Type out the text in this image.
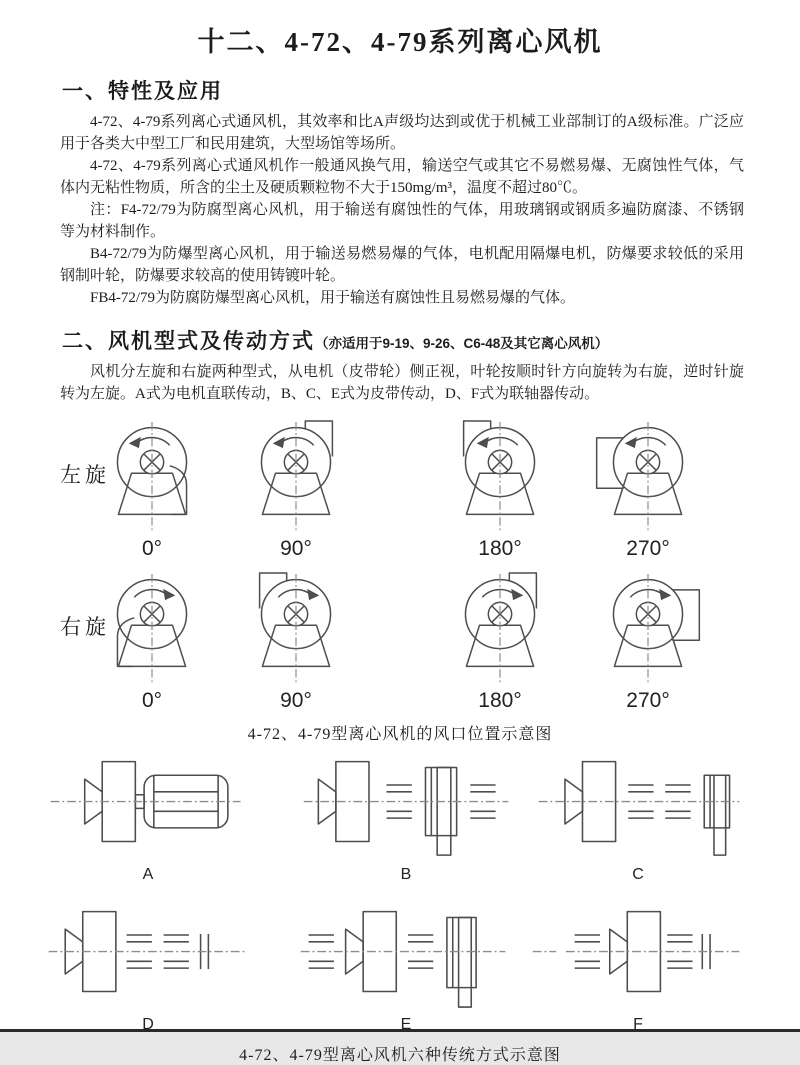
十二、4-72、4-79系列离心风机
一、特性及应用

4-72、4-79系列离心式通风机，其效率和比A声级均达到或优于机械工业部制订的A级标准。广泛应用于各类大中型工厂和民用建筑，大型场馆等场所。

4-72、4-79系列离心式通风机作一般通风换气用，输送空气或其它不易燃易爆、无腐蚀性气体，气体内无粘性物质，所含的尘土及硬质颗粒物不大于150mg/m³，温度不超过80℃。

注：F4-72/79为防腐型离心风机，用于输送有腐蚀性的气体，用玻璃钢或钢质多遍防腐漆、不锈钢等为材料制作。

B4-72/79为防爆型离心风机，用于输送易燃易爆的气体，电机配用隔爆电机，防爆要求较低的采用钢制叶轮，防爆要求较高的使用铸镀叶轮。

FB4-72/79为防腐防爆型离心风机，用于输送有腐蚀性且易燃易爆的气体。

二、风机型式及传动方式（亦适用于9-19、9-26、C6-48及其它离心风机）

风机分左旋和右旋两种型式，从电机（皮带轮）侧正视，叶轮按顺时针方向旋转为右旋，逆时针旋转为左旋。A式为电机直联传动，B、C、E式为皮带传动，D、F式为联轴器传动。

左旋
0°	90°	180°	270°
右旋
0°	90°	180°	270°
4-72、4-79型离心风机的风口位置示意图
A	B	C
D	E	F
4-72、4-79型离心风机六种传统方式示意图
